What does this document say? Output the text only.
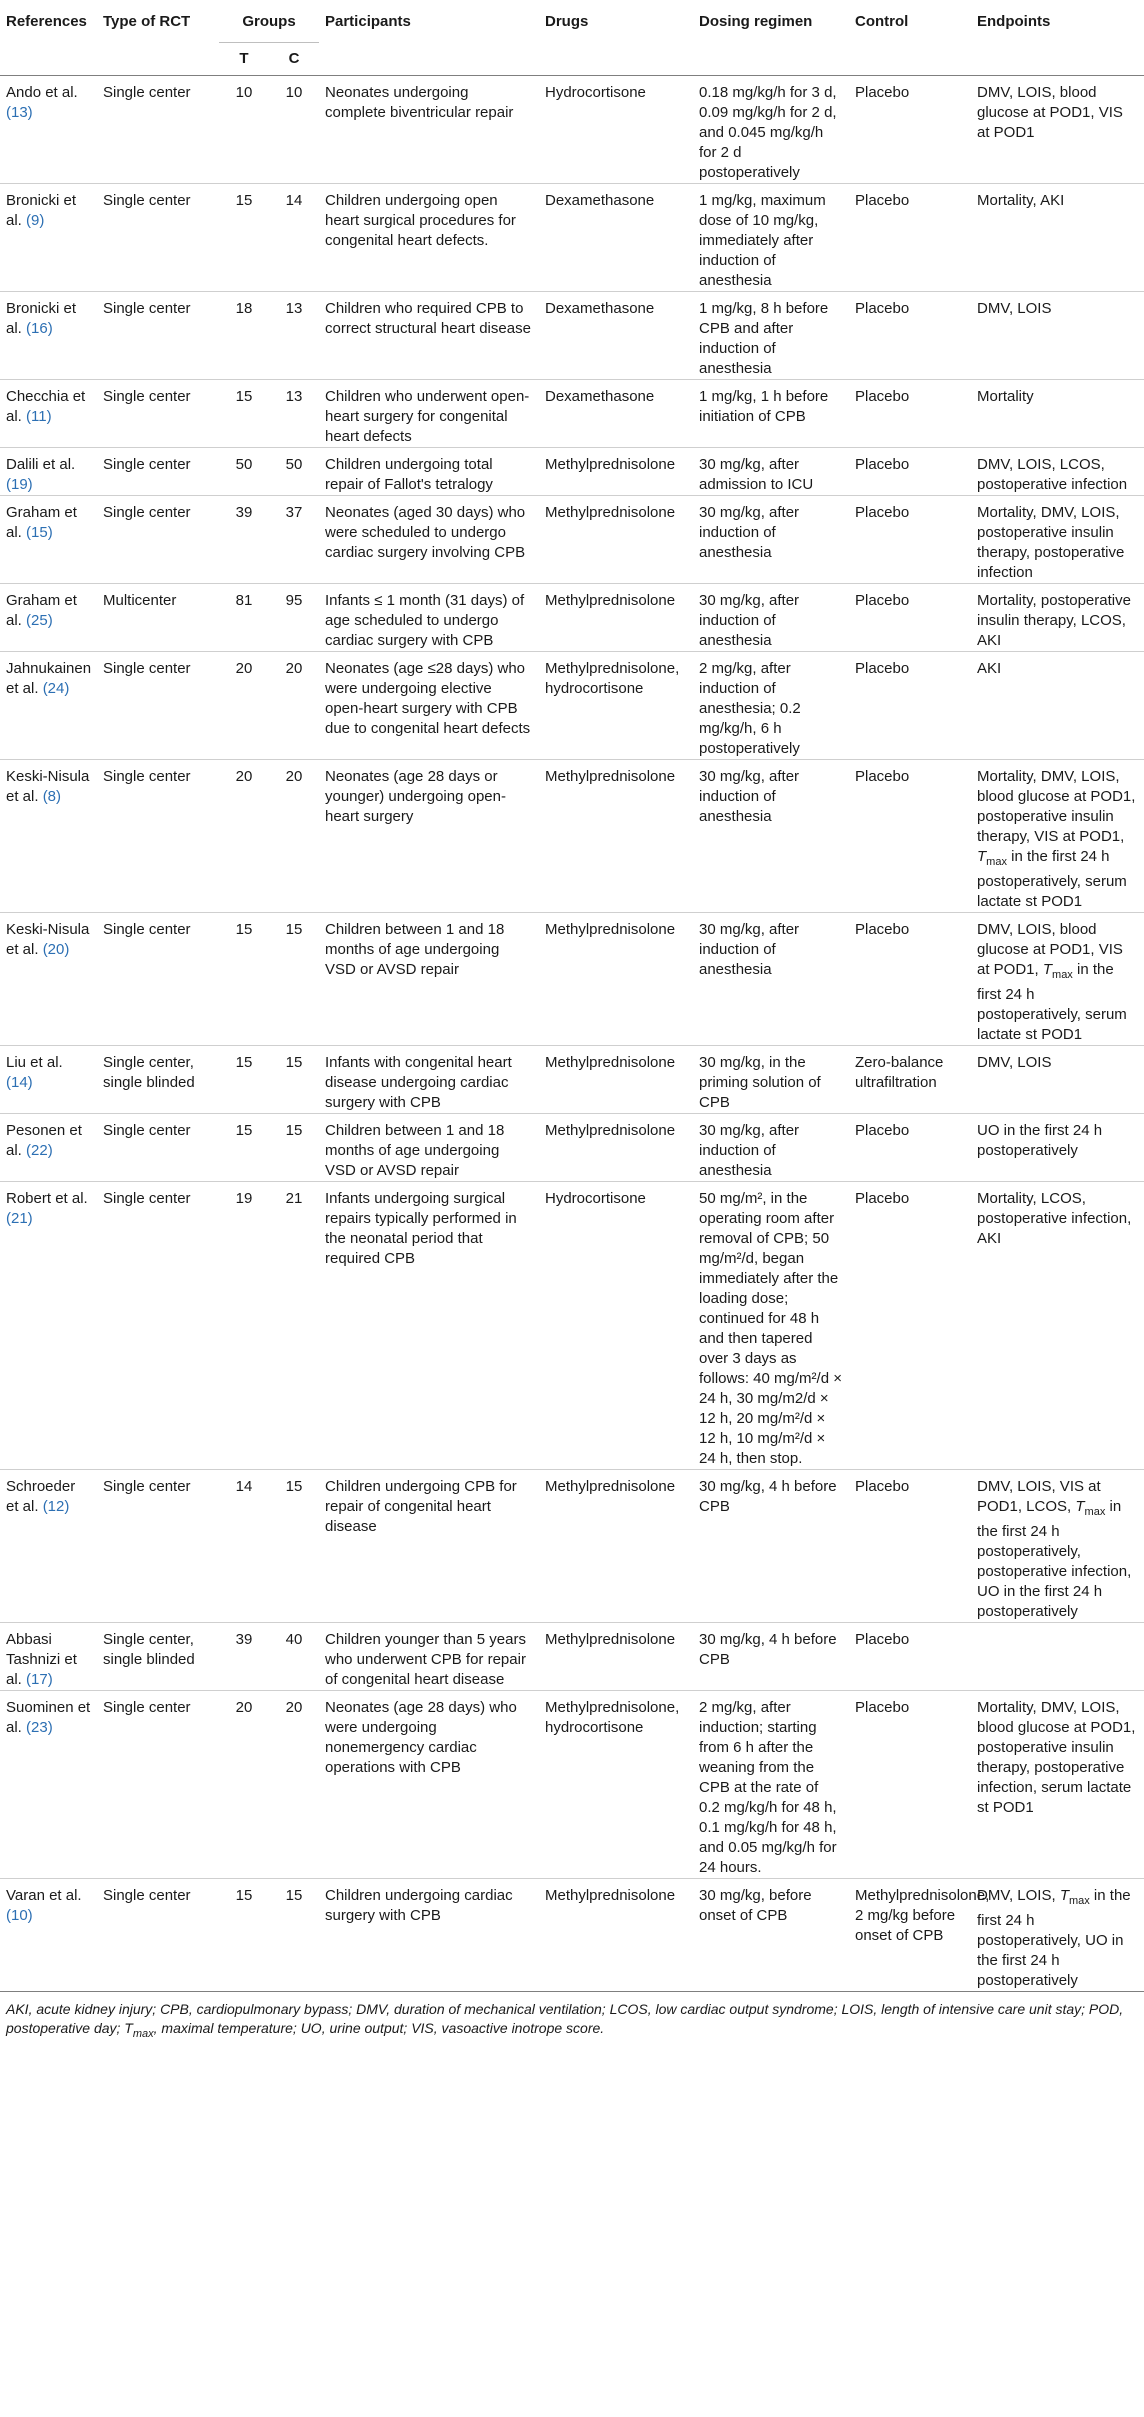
References	Type of RCT	Groups		Participants	Drugs	Dosing regimen	Control	Endpoints
		T	C					
Ando et al. (13)	Single center	10	10	Neonates undergoing complete biventricular repair	Hydrocortisone	0.18 mg/kg/h for 3 d, 0.09 mg/kg/h for 2 d, and 0.045 mg/kg/h for 2 d postoperatively	Placebo	DMV, LOIS, blood glucose at POD1, VIS at POD1
Bronicki et al. (9)	Single center	15	14	Children undergoing open heart surgical procedures for congenital heart defects.	Dexamethasone	1 mg/kg, maximum dose of 10 mg/kg, immediately after induction of anesthesia	Placebo	Mortality, AKI
Bronicki et al. (16)	Single center	18	13	Children who required CPB to correct structural heart disease	Dexamethasone	1 mg/kg, 8 h before CPB and after induction of anesthesia	Placebo	DMV, LOIS
Checchia et al. (11)	Single center	15	13	Children who underwent open-heart surgery for congenital heart defects	Dexamethasone	1 mg/kg, 1 h before initiation of CPB	Placebo	Mortality
Dalili et al. (19)	Single center	50	50	Children undergoing total repair of Fallot's tetralogy	Methylprednisolone	30 mg/kg, after admission to ICU	Placebo	DMV, LOIS, LCOS, postoperative infection
Graham et al. (15)	Single center	39	37	Neonates (aged 30 days) who were scheduled to undergo cardiac surgery involving CPB	Methylprednisolone	30 mg/kg, after induction of anesthesia	Placebo	Mortality, DMV, LOIS, postoperative insulin therapy, postoperative infection
Graham et al. (25)	Multicenter	81	95	Infants ≤ 1 month (31 days) of age scheduled to undergo cardiac surgery with CPB	Methylprednisolone	30 mg/kg, after induction of anesthesia	Placebo	Mortality, postoperative insulin therapy, LCOS, AKI
Jahnukainen et al. (24)	Single center	20	20	Neonates (age ≤28 days) who were undergoing elective open-heart surgery with CPB due to congenital heart defects	Methylprednisolone, hydrocortisone	2 mg/kg, after induction of anesthesia; 0.2 mg/kg/h, 6 h postoperatively	Placebo	AKI
Keski-Nisula et al. (8)	Single center	20	20	Neonates (age 28 days or younger) undergoing open-heart surgery	Methylprednisolone	30 mg/kg, after induction of anesthesia	Placebo	Mortality, DMV, LOIS, blood glucose at POD1, postoperative insulin therapy, VIS at POD1, $T_{max}$ in the first 24 h postoperatively, serum lactate st POD1
Keski-Nisula et al. (20)	Single center	15	15	Children between 1 and 18 months of age undergoing VSD or AVSD repair	Methylprednisolone	30 mg/kg, after induction of anesthesia	Placebo	DMV, LOIS, blood glucose at POD1, VIS at POD1, $T_{max}$ in the first 24 h postoperatively, serum lactate st POD1
Liu et al. (14)	Single center, single blinded	15	15	Infants with congenital heart disease undergoing cardiac surgery with CPB	Methylprednisolone	30 mg/kg, in the priming solution of CPB	Zero-balance ultrafiltration	DMV, LOIS
Pesonen et al. (22)	Single center	15	15	Children between 1 and 18 months of age undergoing VSD or AVSD repair	Methylprednisolone	30 mg/kg, after induction of anesthesia	Placebo	UO in the first 24 h postoperatively
Robert et al. (21)	Single center	19	21	Infants undergoing surgical repairs typically performed in the neonatal period that required CPB	Hydrocortisone	50 mg/m², in the operating room after removal of CPB; 50 mg/m²/d, began immediately after the loading dose; continued for 48 h and then tapered over 3 days as follows: 40 mg/m²/d × 24 h, 30 mg/m2/d × 12 h, 20 mg/m²/d × 12 h, 10 mg/m²/d × 24 h, then stop.	Placebo	Mortality, LCOS, postoperative infection, AKI
Schroeder et al. (12)	Single center	14	15	Children undergoing CPB for repair of congenital heart disease	Methylprednisolone	30 mg/kg, 4 h before CPB	Placebo	DMV, LOIS, VIS at POD1, LCOS, $T_{max}$ in the first 24 h postoperatively, postoperative infection, UO in the first 24 h postoperatively
Abbasi Tashnizi et al. (17)	Single center, single blinded	39	40	Children younger than 5 years who underwent CPB for repair of congenital heart disease	Methylprednisolone	30 mg/kg, 4 h before CPB	Placebo	
Suominen et al. (23)	Single center	20	20	Neonates (age 28 days) who were undergoing nonemergency cardiac operations with CPB	Methylprednisolone, hydrocortisone	2 mg/kg, after induction; starting from 6 h after the weaning from the CPB at the rate of 0.2 mg/kg/h for 48 h, 0.1 mg/kg/h for 48 h, and 0.05 mg/kg/h for 24 hours.	Placebo	Mortality, DMV, LOIS, blood glucose at POD1, postoperative insulin therapy, postoperative infection, serum lactate st POD1
Varan et al. (10)	Single center	15	15	Children undergoing cardiac surgery with CPB	Methylprednisolone	30 mg/kg, before onset of CPB	Methylprednisolone, 2 mg/kg before onset of CPB	DMV, LOIS, $T_{max}$ in the first 24 h postoperatively, UO in the first 24 h postoperatively
AKI, acute kidney injury; CPB, cardiopulmonary bypass; DMV, duration of mechanical ventilation; LCOS, low cardiac output syndrome; LOIS, length of intensive care unit stay; POD, postoperative day; $T_{max}$, maximal temperature; UO, urine output; VIS, vasoactive inotrope score.
